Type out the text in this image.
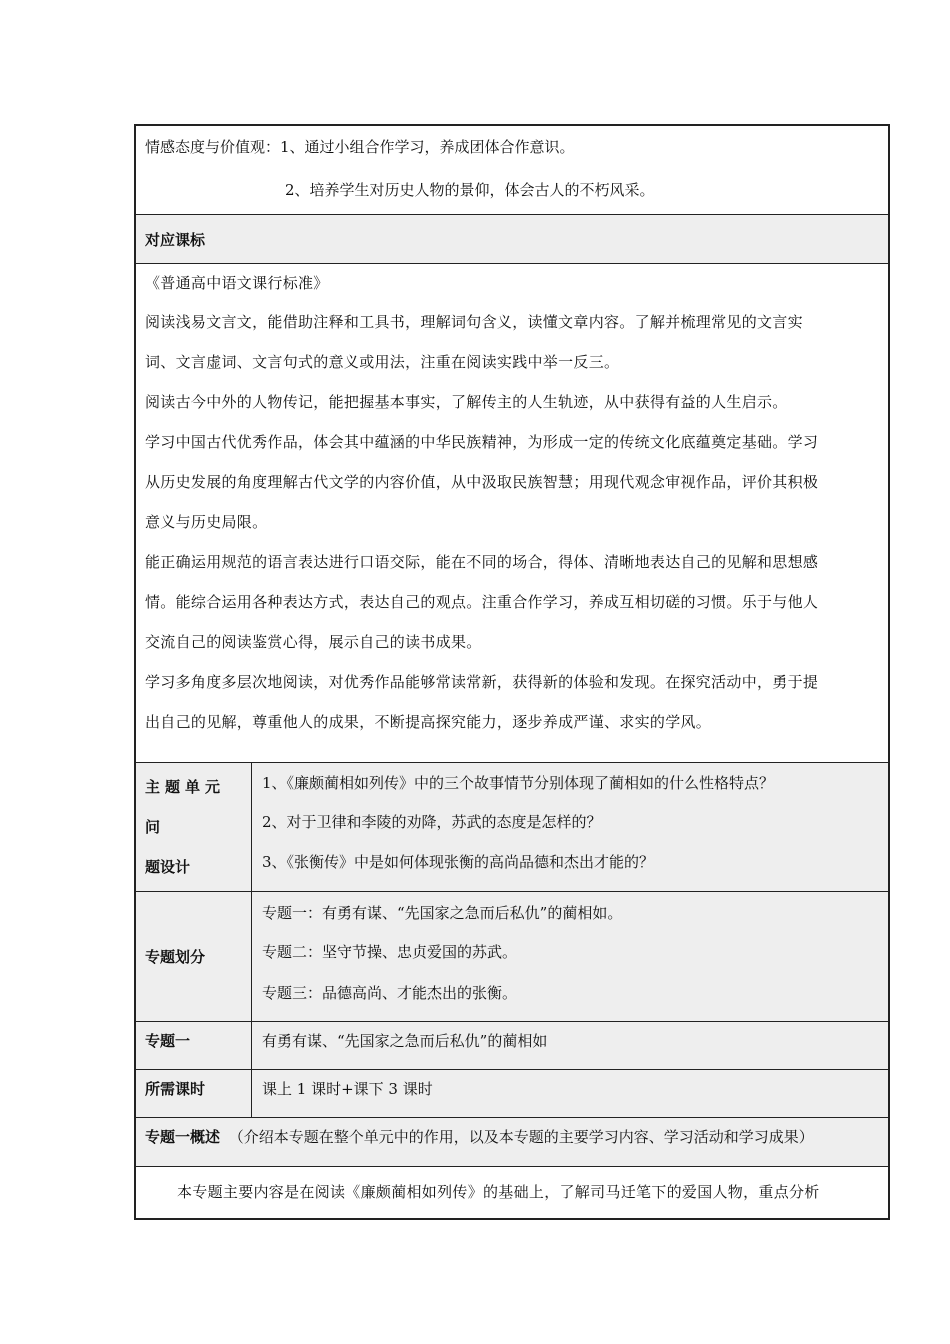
情感态度与价值观：1、通过小组合作学习，养成团体合作意识。
2、培养学生对历史人物的景仰，体会古人的不朽风采。
对应课标
《普通高中语文课行标准》
阅读浅易文言文，能借助注释和工具书，理解词句含义，读懂文章内容。了解并梳理常见的文言实
词、文言虚词、文言句式的意义或用法，注重在阅读实践中举一反三。
阅读古今中外的人物传记，能把握基本事实，了解传主的人生轨迹，从中获得有益的人生启示。
学习中国古代优秀作品，体会其中蕴涵的中华民族精神，为形成一定的传统文化底蕴奠定基础。学习
从历史发展的角度理解古代文学的内容价值，从中汲取民族智慧；用现代观念审视作品，评价其积极
意义与历史局限。
能正确运用规范的语言表达进行口语交际，能在不同的场合，得体、清晰地表达自己的见解和思想感
情。能综合运用各种表达方式，表达自己的观点。注重合作学习，养成互相切磋的习惯。乐于与他人
交流自己的阅读鉴赏心得，展示自己的读书成果。
学习多角度多层次地阅读，对优秀作品能够常读常新，获得新的体验和发现。在探究活动中，勇于提
出自己的见解，尊重他人的成果，不断提高探究能力，逐步养成严谨、求实的学风。
主题单元问
题设计
1、《廉颇蔺相如列传》中的三个故事情节分别体现了蔺相如的什么性格特点？
2、对于卫律和李陵的劝降，苏武的态度是怎样的？
3、《张衡传》中是如何体现张衡的高尚品德和杰出才能的？
专题划分
专题一：有勇有谋、“先国家之急而后私仇”的蔺相如。
专题二：坚守节操、忠贞爱国的苏武。
专题三：品德高尚、才能杰出的张衡。
专题一	有勇有谋、“先国家之急而后私仇”的蔺相如
所需课时	课上 1 课时+课下 3 课时
专题一概述 （介绍本专题在整个单元中的作用，以及本专题的主要学习内容、学习活动和学习成果）
本专题主要内容是在阅读《廉颇蔺相如列传》的基础上，了解司马迁笔下的爱国人物，重点分析
